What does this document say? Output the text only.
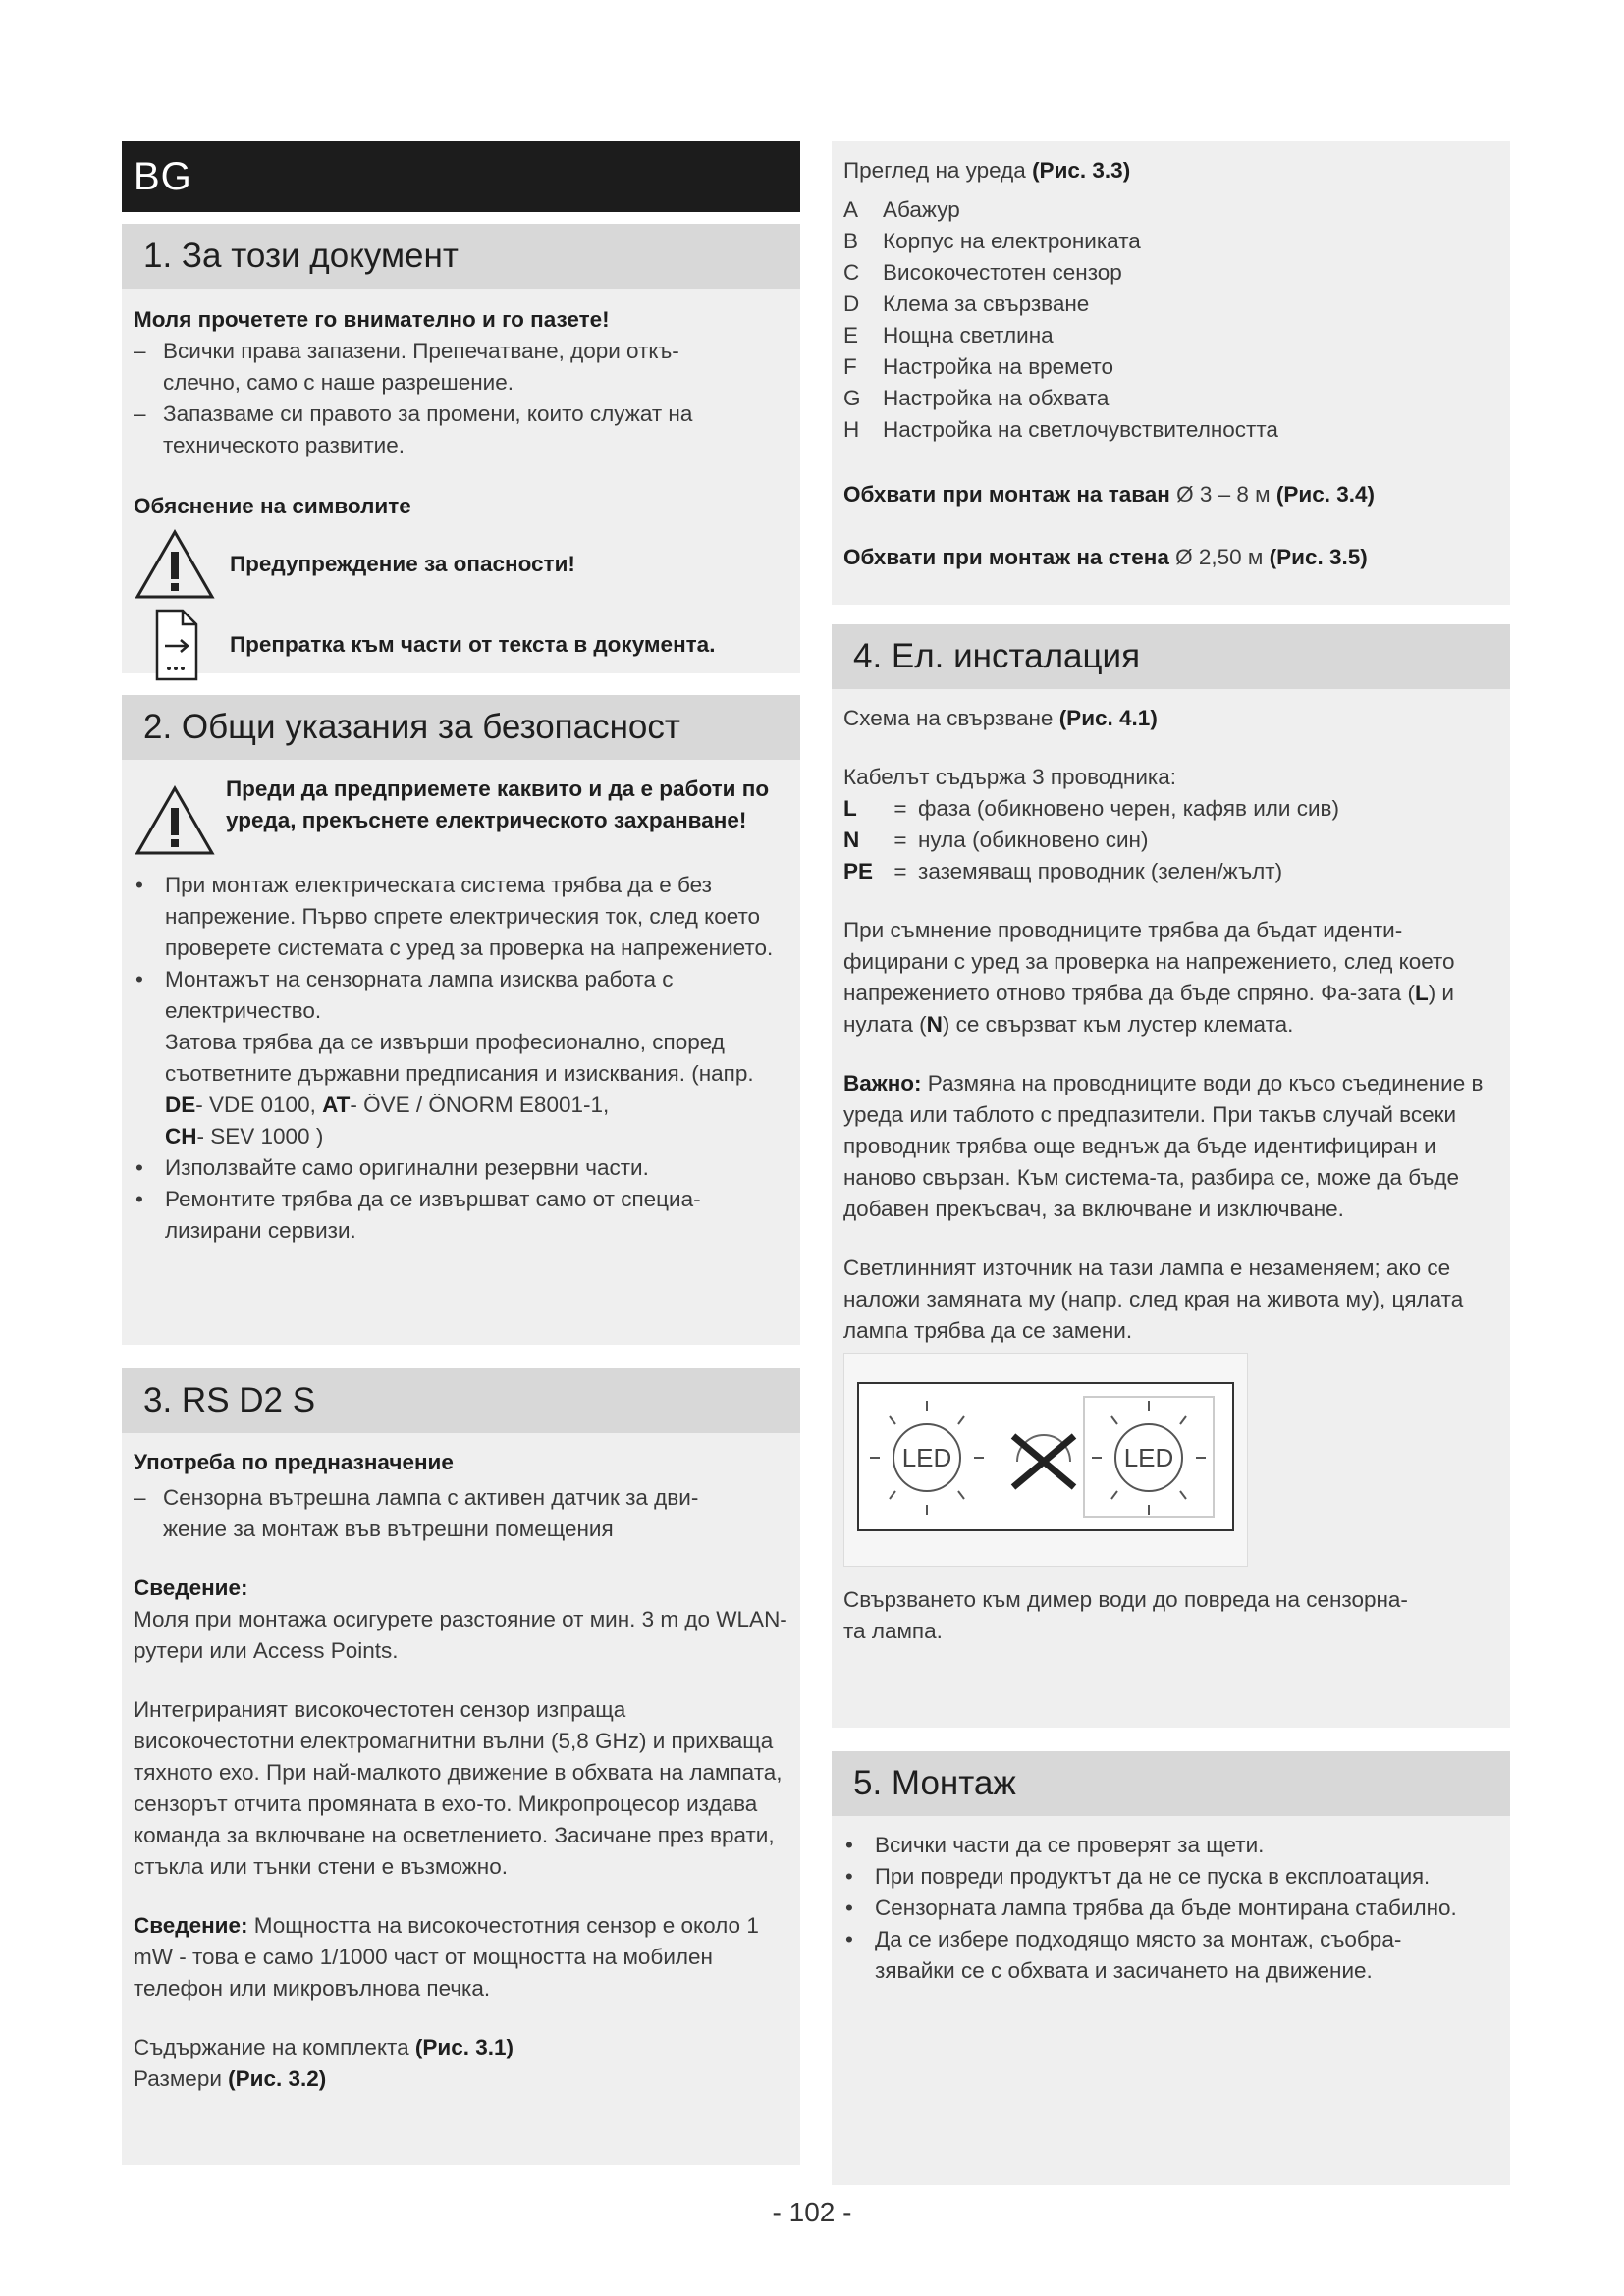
BG
1. За този документ

Моля прочетете го внимателно и го пазете!

– Всички права запазени. Препечатване, дори откъ-
слечно, само с наше разрешение.

– Запазваме си правото за промени, които служат на
техническото развитие.

Обяснение на символите

Предупреждение за опасности!
Препратка към части от текста в документа.
2. Общи указания за безопасност
Преди да предприемете каквито и да е работи по уреда, прекъснете електрическото захранване!

• При монтаж електрическата система трябва да е без напрежение. Първо спрете електрическия ток, след което проверете системата с уред за проверка на напрежението.

• Монтажът на сензорната лампа изисква работа с електричество.
Затова трябва да се извърши професионално, според съответните държавни предписания и изисквания. (напр. DE- VDE 0100, AT- ÖVE / ÖNORM E8001-1,
CH- SEV 1000 )

• Използвайте само оригинални резервни части.

• Ремонтите трябва да се извършват само от специа-
лизирани сервизи.

3. RS D2 S

Употреба по предназначение

– Сензорна вътрешна лампа с активен датчик за дви-
жение за монтаж във вътрешни помещения

Сведение:

Моля при монтажа осигурете разстояние от мин. 3 m до WLAN-рутери или Access Points.

Интегрираният високочестотен сензор изпраща високочестотни електромагнитни вълни (5,8 GHz) и прихваща тяхното ехо. При най-малкото движение в обхвата на лампата, сензорът отчита промяната в ехо-то. Микропроцесор издава команда за включване на осветлението. Засичане през врати, стъкла или тънки стени е възможно.

Сведение: Мощността на високочестотния сензор е около 1 mW - това е само 1/1000 част от мощността на мобилен телефон или микровълнова печка.

Съдържание на комплекта (Рис. 3.1)

Размери (Рис. 3.2)

Преглед на уреда (Рис. 3.3)

A	Абажур
B	Корпус на електрониката
C	Високочестотен сензор
D	Клема за свързване
E	Нощна светлина
F	Настройка на времето
G Настройка на обхвата
H	Настройка на светлочувствителността

Обхвати при монтаж на таван Ø 3 – 8 м (Рис. 3.4)

Обхвати при монтаж на стена Ø 2,50 м (Рис. 3.5)

4. Ел. инсталация

Схема на свързване (Рис. 4.1)

Кабелът съдържа 3 проводника:

L	= фаза (обикновено черен, кафяв или сив)
N	= нула (обикновено син)
PE = заземяващ проводник (зелен/жълт)

При съмнение проводниците трябва да бъдат иденти-фицирани с уред за проверка на напрежението, след което напрежението отново трябва да бъде спряно. Фа-зата (L) и нулата (N) се свързват към лустер клемата.

Важно: Размяна на проводниците води до късо съединение в уреда или таблото с предпазители. При такъв случай всеки проводник трябва още веднъж да бъде идентифициран и наново свързан. Към система-та, разбира се, може да бъде добавен прекъсвач, за включване и изключване.

Светлинният източник на тази лампа е незаменяем; ако се наложи замяната му (напр. след края на живота му), цялата лампа трябва да се замени.

LED	LED

Свързването към димер води до повреда на сензорна-
та лампа.

5. Монтаж

• Всички части да се проверят за щети.

• При повреди продуктът да не се пуска в експлоатация.

• Сензорната лампа трябва да бъде монтирана стабилно.

• Да се избере подходящо място за монтаж, съобра-
зявайки се с обхвата и засичането на движение.

- 102 -
